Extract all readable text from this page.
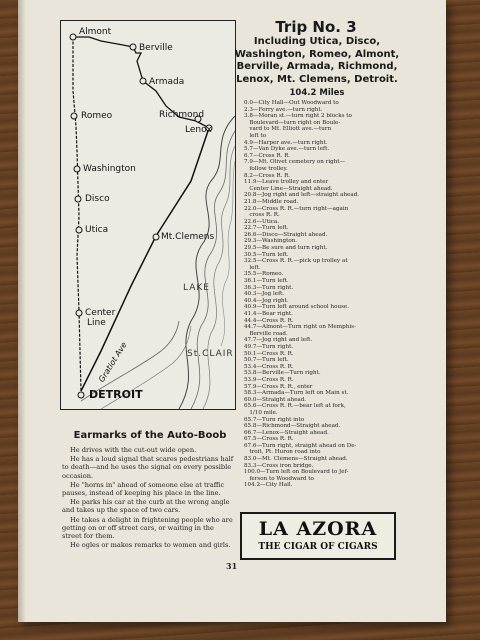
Almont
Berville
Armada
Romeo	Richmond
Lenox
Washington
Disco
Utica
Mt.Clemens
Center
Line
DETROIT
LAKE
St.CLAIR
Gratiot Ave
Trip No. 3
Including Utica, Disco, Washington, Romeo, Almont, Berville, Armada, Richmond, Lenox, Mt. Clemens, Detroit.
104.2 Miles
0.0—City Hall—Out Woodward to
2.3—Ferry ave.—turn right.
3.8—Moran st.—turn right 2 blocks to
Boulevard—turn right on Boule-
vard to Mt. Elliott ave.—turn
left to
4.9—Harper ave.—turn right.
5.7—Van Dyke ave.—turn left.
6.7—Cross R. R.
7.9—Mt. Olivet cemetery on right—
follow trolley.
8.2—Cross R. R.
11.9—Leave trolley and enter
Center Line—Straight ahead.
20.8—Jog right and left—straight ahead.
21.8—Middle road.
22.0—Cross R. R.—turn right—again
cross R. R.
22.6—Utica.
22.7—Turn left.
26.6—Disco—Straight ahead.
29.3—Washington.
29.5—Be sure and turn right.
30.5—Turn left.
32.5—Cross R. R.—pick up trolley at
left.
35.5—Romeo.
36.1—Turn left.
36.3—Turn right.
40.3—Jog left.
40.4—Jog right.
40.9—Turn left around school house.
41.4—Bear right.
44.4—Cross R. R.
44.7—Almont—Turn right on Memphis-
Berville road.
47.7—Jog right and left.
49.7—Turn right.
50.1—Cross R. R.
50.7—Turn left.
53.4—Cross R. R.
53.8—Berville—Turn right.
53.9—Cross R. R.
57.9—Cross R. R., enter
58.3—Armada—Turn left on Main st.
60.0—Straight ahead.
65.6—Cross R. R.—bear left at fork,
1/10 mile.
65.7—Turn right into
65.8—Richmond—Straight ahead.
66.7—Lenox—Straight ahead.
67.5—Cross R. R.
67.6—Turn right, straight ahead on De-
troit, Pt. Huron road into
83.0—Mt. Clemens—Straight ahead.
83.3—Cross iron bridge.
100.0—Turn left on Boulevard to Jef-
ferson to Woodward to
104.2—City Hall.
Earmarks of the Auto-Boob

He drives with the cut-out wide open.

He has a loud signal that scares pedestrians half to death—and he uses the signal on every possible occasion.

He "horns in" ahead of someone else at traffic pauses, instead of keeping his place in the line.

He parks his car at the curb at the wrong angle and takes up the space of two cars.

He takes a delight in frightening people who are getting on or off street cars, or waiting in the street for them.

He ogles or makes remarks to women and girls.

LA AZORA
THE CIGAR OF CIGARS
31
